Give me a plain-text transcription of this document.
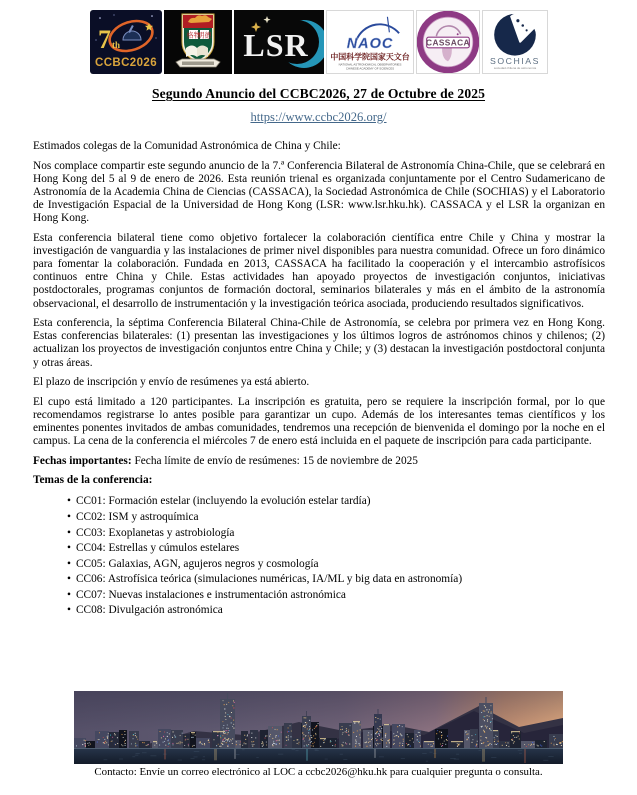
7 th
CCBC2026
明德
格物 LSR	NAOC
中国科学院国家天文台
NATIONAL ASTRONOMICAL OBSERVATORIES
CHINESE ACADEMY OF SCIENCES
CASSACA
SOCHIAS
sociedad chilena de astronomía
Segundo Anuncio del CCBC2026, 27 de Octubre de 2025
https://www.ccbc2026.org/

Estimados colegas de la Comunidad Astronómica de China y Chile:

Nos complace compartir este segundo anuncio de la 7.ª Conferencia Bilateral de Astronomía China-Chile, que se celebrará en Hong Kong del 5 al 9 de enero de 2026. Esta reunión trienal es organizada conjuntamente por el Centro Sudamericano de Astronomía de la Academia China de Ciencias (CASSACA), la Sociedad Astronómica de Chile (SOCHIAS) y el Laboratorio de Investigación Espacial de la Universidad de Hong Kong (LSR: www.lsr.hku.hk). CASSACA y el LSR la organizan en Hong Kong.

Esta conferencia bilateral tiene como objetivo fortalecer la colaboración científica entre Chile y China y mostrar la investigación de vanguardia y las instalaciones de primer nivel disponibles para nuestra comunidad. Ofrece un foro dinámico para fomentar la colaboración. Fundada en 2013, CASSACA ha facilitado la cooperación y el intercambio astrofísicos continuos entre China y Chile. Estas actividades han apoyado proyectos de investigación conjuntos, iniciativas postdoctorales, programas conjuntos de formación doctoral, seminarios bilaterales y más en el ámbito de la astronomía observacional, el desarrollo de instrumentación y la investigación teórica asociada, produciendo resultados significativos.

Esta conferencia, la séptima Conferencia Bilateral China-Chile de Astronomía, se celebra por primera vez en Hong Kong. Estas conferencias bilaterales: (1) presentan las investigaciones y los últimos logros de astrónomos chinos y chilenos; (2) actualizan los proyectos de investigación conjuntos entre China y Chile; y (3) destacan la investigación postdoctoral conjunta y otras áreas.

El plazo de inscripción y envío de resúmenes ya está abierto.

El cupo está limitado a 120 participantes. La inscripción es gratuita, pero se requiere la inscripción formal, por lo que recomendamos registrarse lo antes posible para garantizar un cupo. Además de los interesantes temas científicos y los eminentes ponentes invitados de ambas comunidades, tendremos una recepción de bienvenida el domingo por la noche en el campus. La cena de la conferencia el miércoles 7 de enero está incluida en el paquete de inscripción para cada participante.

Fechas importantes: Fecha límite de envío de resúmenes: 15 de noviembre de 2025

Temas de la conferencia:
• CC01: Formación estelar (incluyendo la evolución estelar tardía)
• CC02: ISM y astroquímica
• CC03: Exoplanetas y astrobiología
• CC04: Estrellas y cúmulos estelares
• CC05: Galaxias, AGN, agujeros negros y cosmología
• CC06: Astrofísica teórica (simulaciones numéricas, IA/ML y big data en astronomía)
• CC07: Nuevas instalaciones e instrumentación astronómica
• CC08: Divulgación astronómica
Contacto: Envíe un correo electrónico al LOC a ccbc2026@hku.hk para cualquier pregunta o consulta.
